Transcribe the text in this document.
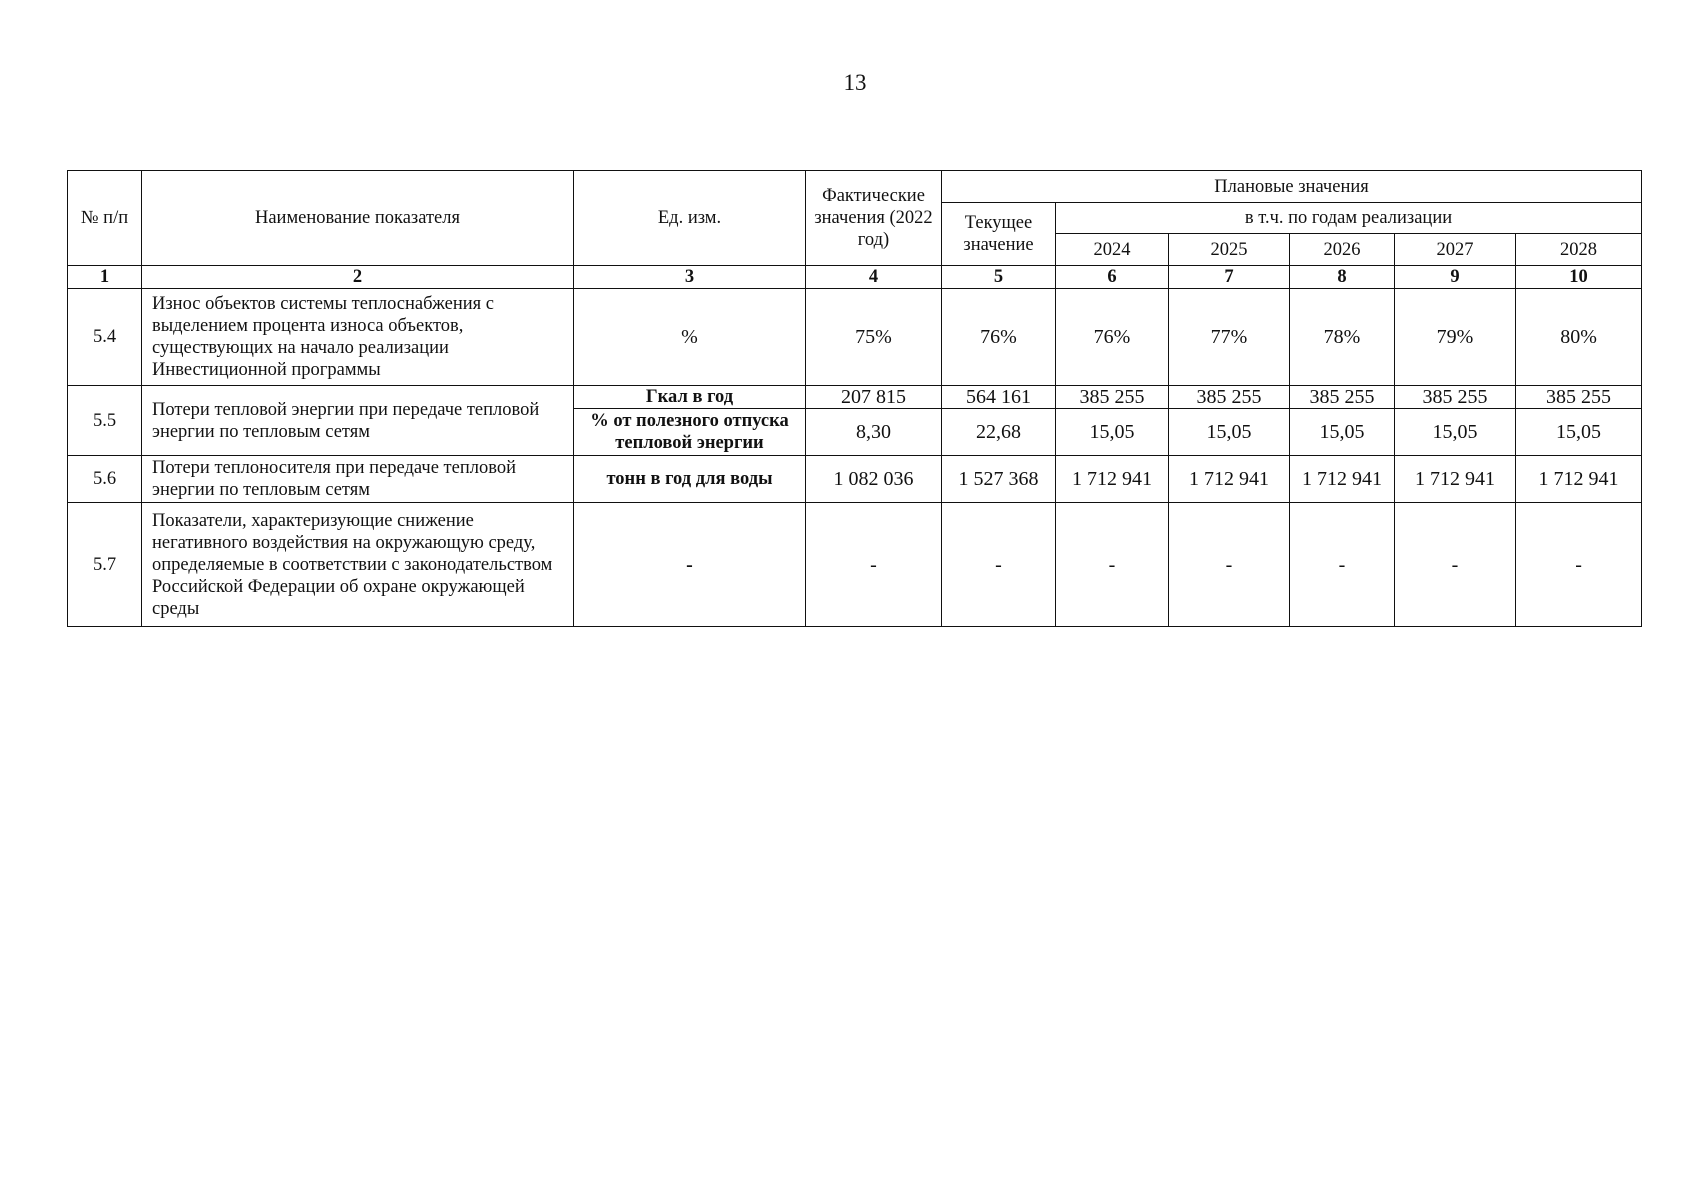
13
№ п/п	Наименование показателя	Ед. изм.	Фактические значения (2022 год)	Плановые значения					
				Текущее значение	в т.ч. по годам реализации				
					2024	2025	2026	2027	2028
1	2	3	4	5	6	7	8	9	10
5.4	Износ объектов системы теплоснабжения с выделением процента износа объектов, существующих на начало реализации Инвестиционной программы	%	75%	76%	76%	77%	78%	79%	80%
5.5	Потери тепловой энергии при передаче тепловой энергии по тепловым сетям	Гкал в год	207 815	564 161	385 255	385 255	385 255	385 255	385 255
		% от полезного отпуска тепловой энергии	8,30	22,68	15,05	15,05	15,05	15,05	15,05
5.6	Потери теплоносителя при передаче тепловой энергии по тепловым сетям	тонн в год для воды	1 082 036	1 527 368	1 712 941	1 712 941	1 712 941	1 712 941	1 712 941
5.7	Показатели, характеризующие снижение негативного воздействия на окружающую среду, определяемые в соответствии с законодательством Российской Федерации об охране окружающей среды	-	-	-	-	-	-	-	-
